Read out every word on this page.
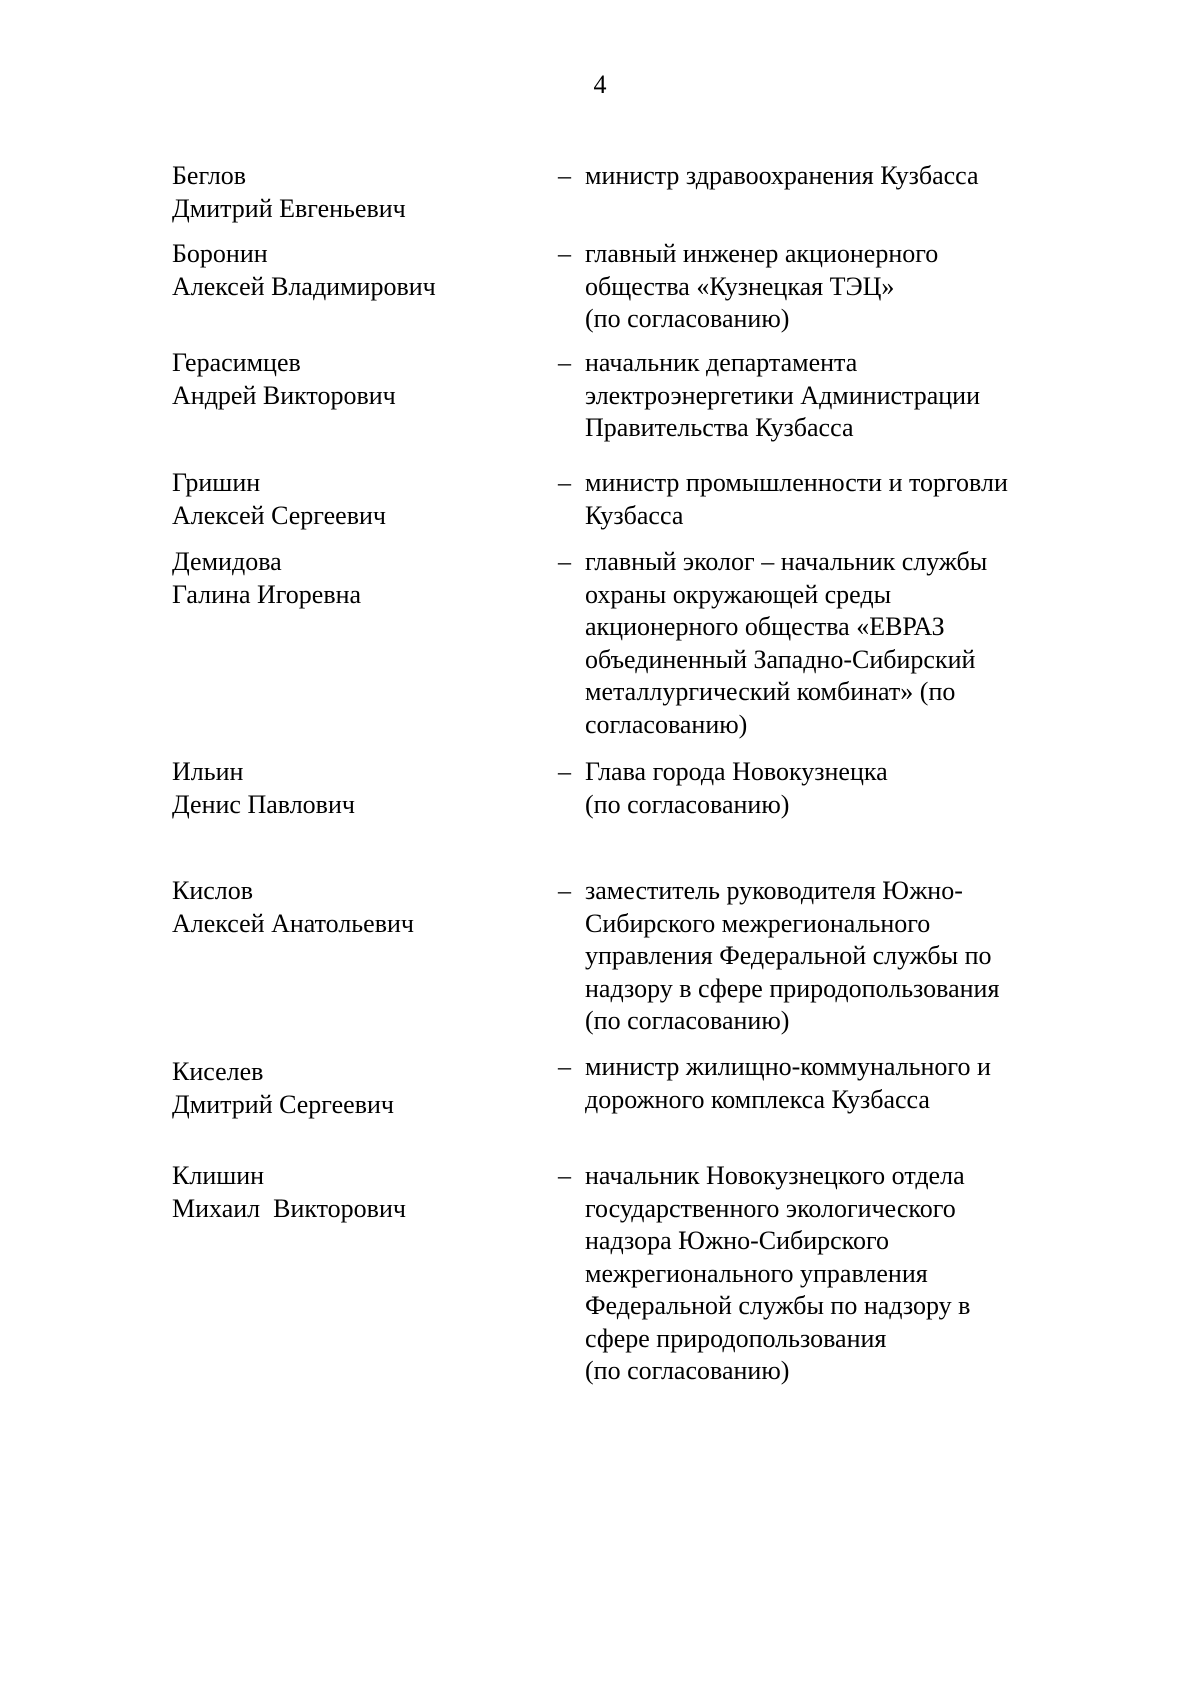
4
Беглов
Дмитрий Евгеньевич
– министр здравоохранения Кузбасса
Боронин
Алексей Владимирович
– главный инженер акционерного
общества «Кузнецкая ТЭЦ»
(по согласованию)
Герасимцев
Андрей Викторович
– начальник департамента
электроэнергетики Администрации
Правительства Кузбасса
Гришин
Алексей Сергеевич
– министр промышленности и торговли
Кузбасса
Демидова
Галина Игоревна
– главный эколог – начальник службы
охраны окружающей среды
акционерного общества «ЕВРАЗ
объединенный Западно-Сибирский
металлургический комбинат» (по
согласованию)
Ильин
Денис Павлович
– Глава города Новокузнецка
(по согласованию)
Кислов
Алексей Анатольевич
– заместитель руководителя Южно-
Сибирского межрегионального
управления Федеральной службы по
надзору в сфере природопользования
(по согласованию)
Киселев
Дмитрий Сергеевич
– министр жилищно-коммунального и
дорожного комплекса Кузбасса
Клишин
Михаил  Викторович
– начальник Новокузнецкого отдела
государственного экологического
надзора Южно-Сибирского
межрегионального управления
Федеральной службы по надзору в
сфере природопользования
(по согласованию)
